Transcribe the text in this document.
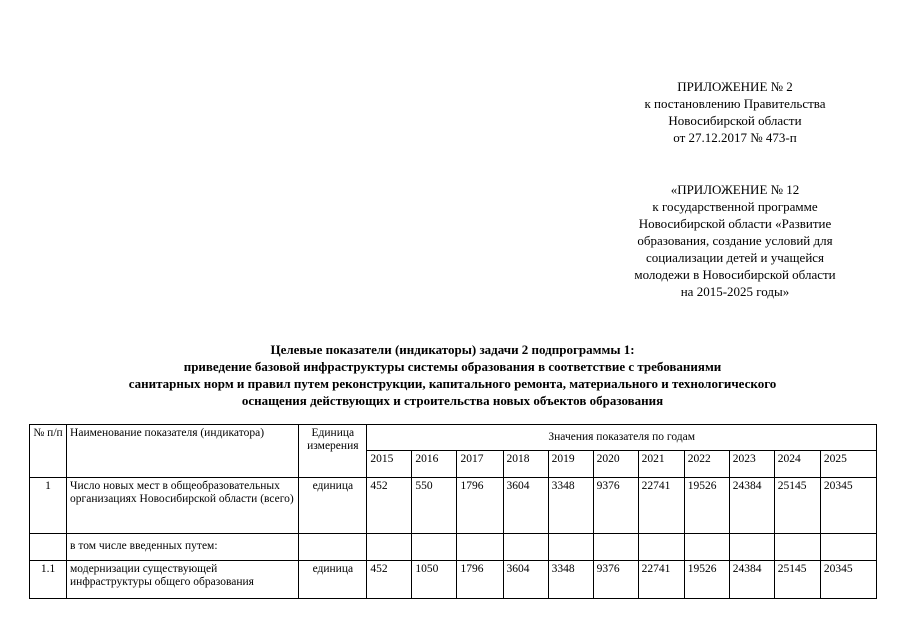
ПРИЛОЖЕНИЕ № 2
к постановлению Правительства
Новосибирской области
от 27.12.2017 № 473-п
«ПРИЛОЖЕНИЕ № 12
к государственной программе
Новосибирской области «Развитие
образования, создание условий для
социализации детей и учащейся
молодежи в Новосибирской области
на 2015-2025 годы»
Целевые показатели (индикаторы) задачи 2 подпрограммы 1:
приведение базовой инфраструктуры системы образования в соответствие с требованиями
санитарных норм и правил путем реконструкции, капитального ремонта, материального и технологического
оснащения действующих и строительства новых объектов образования
№ п/п	Наименование показателя (индикатора)	Единица измерения	Значения показателя по годам										
			2015	2016	2017	2018	2019	2020	2021	2022	2023	2024	2025
1	Число новых мест в общеобразовательных организациях Новосибирской области (всего)	единица	452	550	1796	3604	3348	9376	22741	19526	24384	25145	20345
	в том числе введенных путем:												
1.1	модернизации существующей инфраструктуры общего образования	единица	452	1050	1796	3604	3348	9376	22741	19526	24384	25145	20345
